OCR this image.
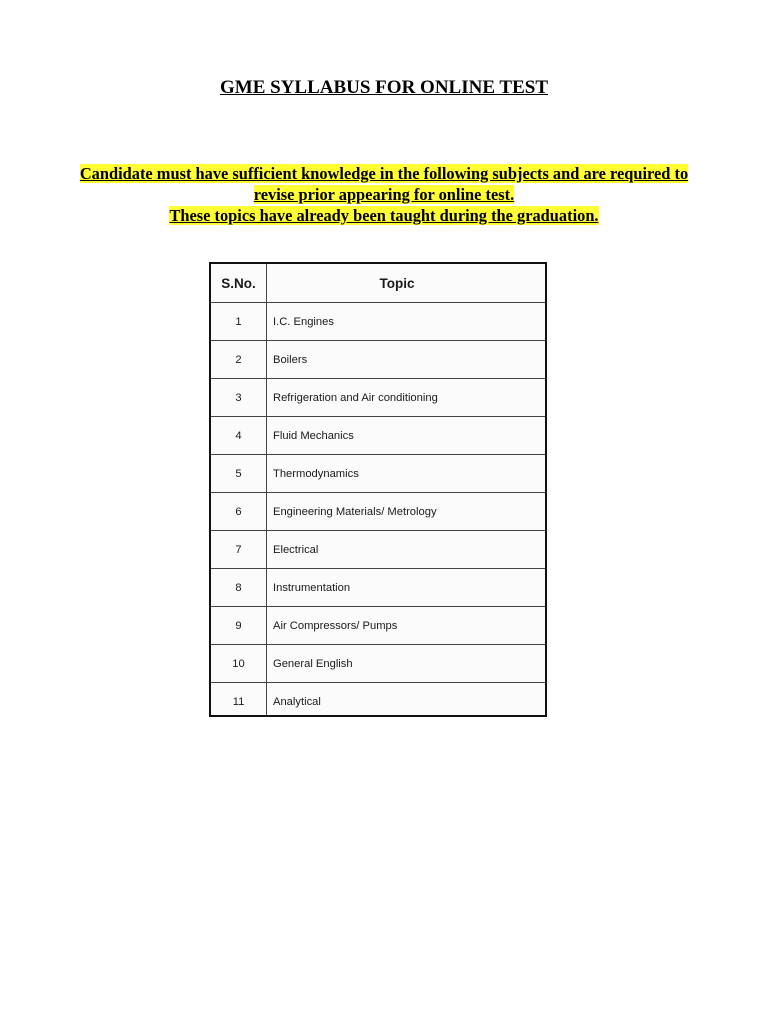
GME SYLLABUS FOR ONLINE TEST
Candidate must have sufficient knowledge in the following subjects and are required to
revise prior appearing for online test.
These topics have already been taught during the graduation.
S.No.	Topic
1	I.C. Engines
2	Boilers
3	Refrigeration and Air conditioning
4	Fluid Mechanics
5	Thermodynamics
6	Engineering Materials/ Metrology
7	Electrical
8	Instrumentation
9	Air Compressors/ Pumps
10	General English
11	Analytical
